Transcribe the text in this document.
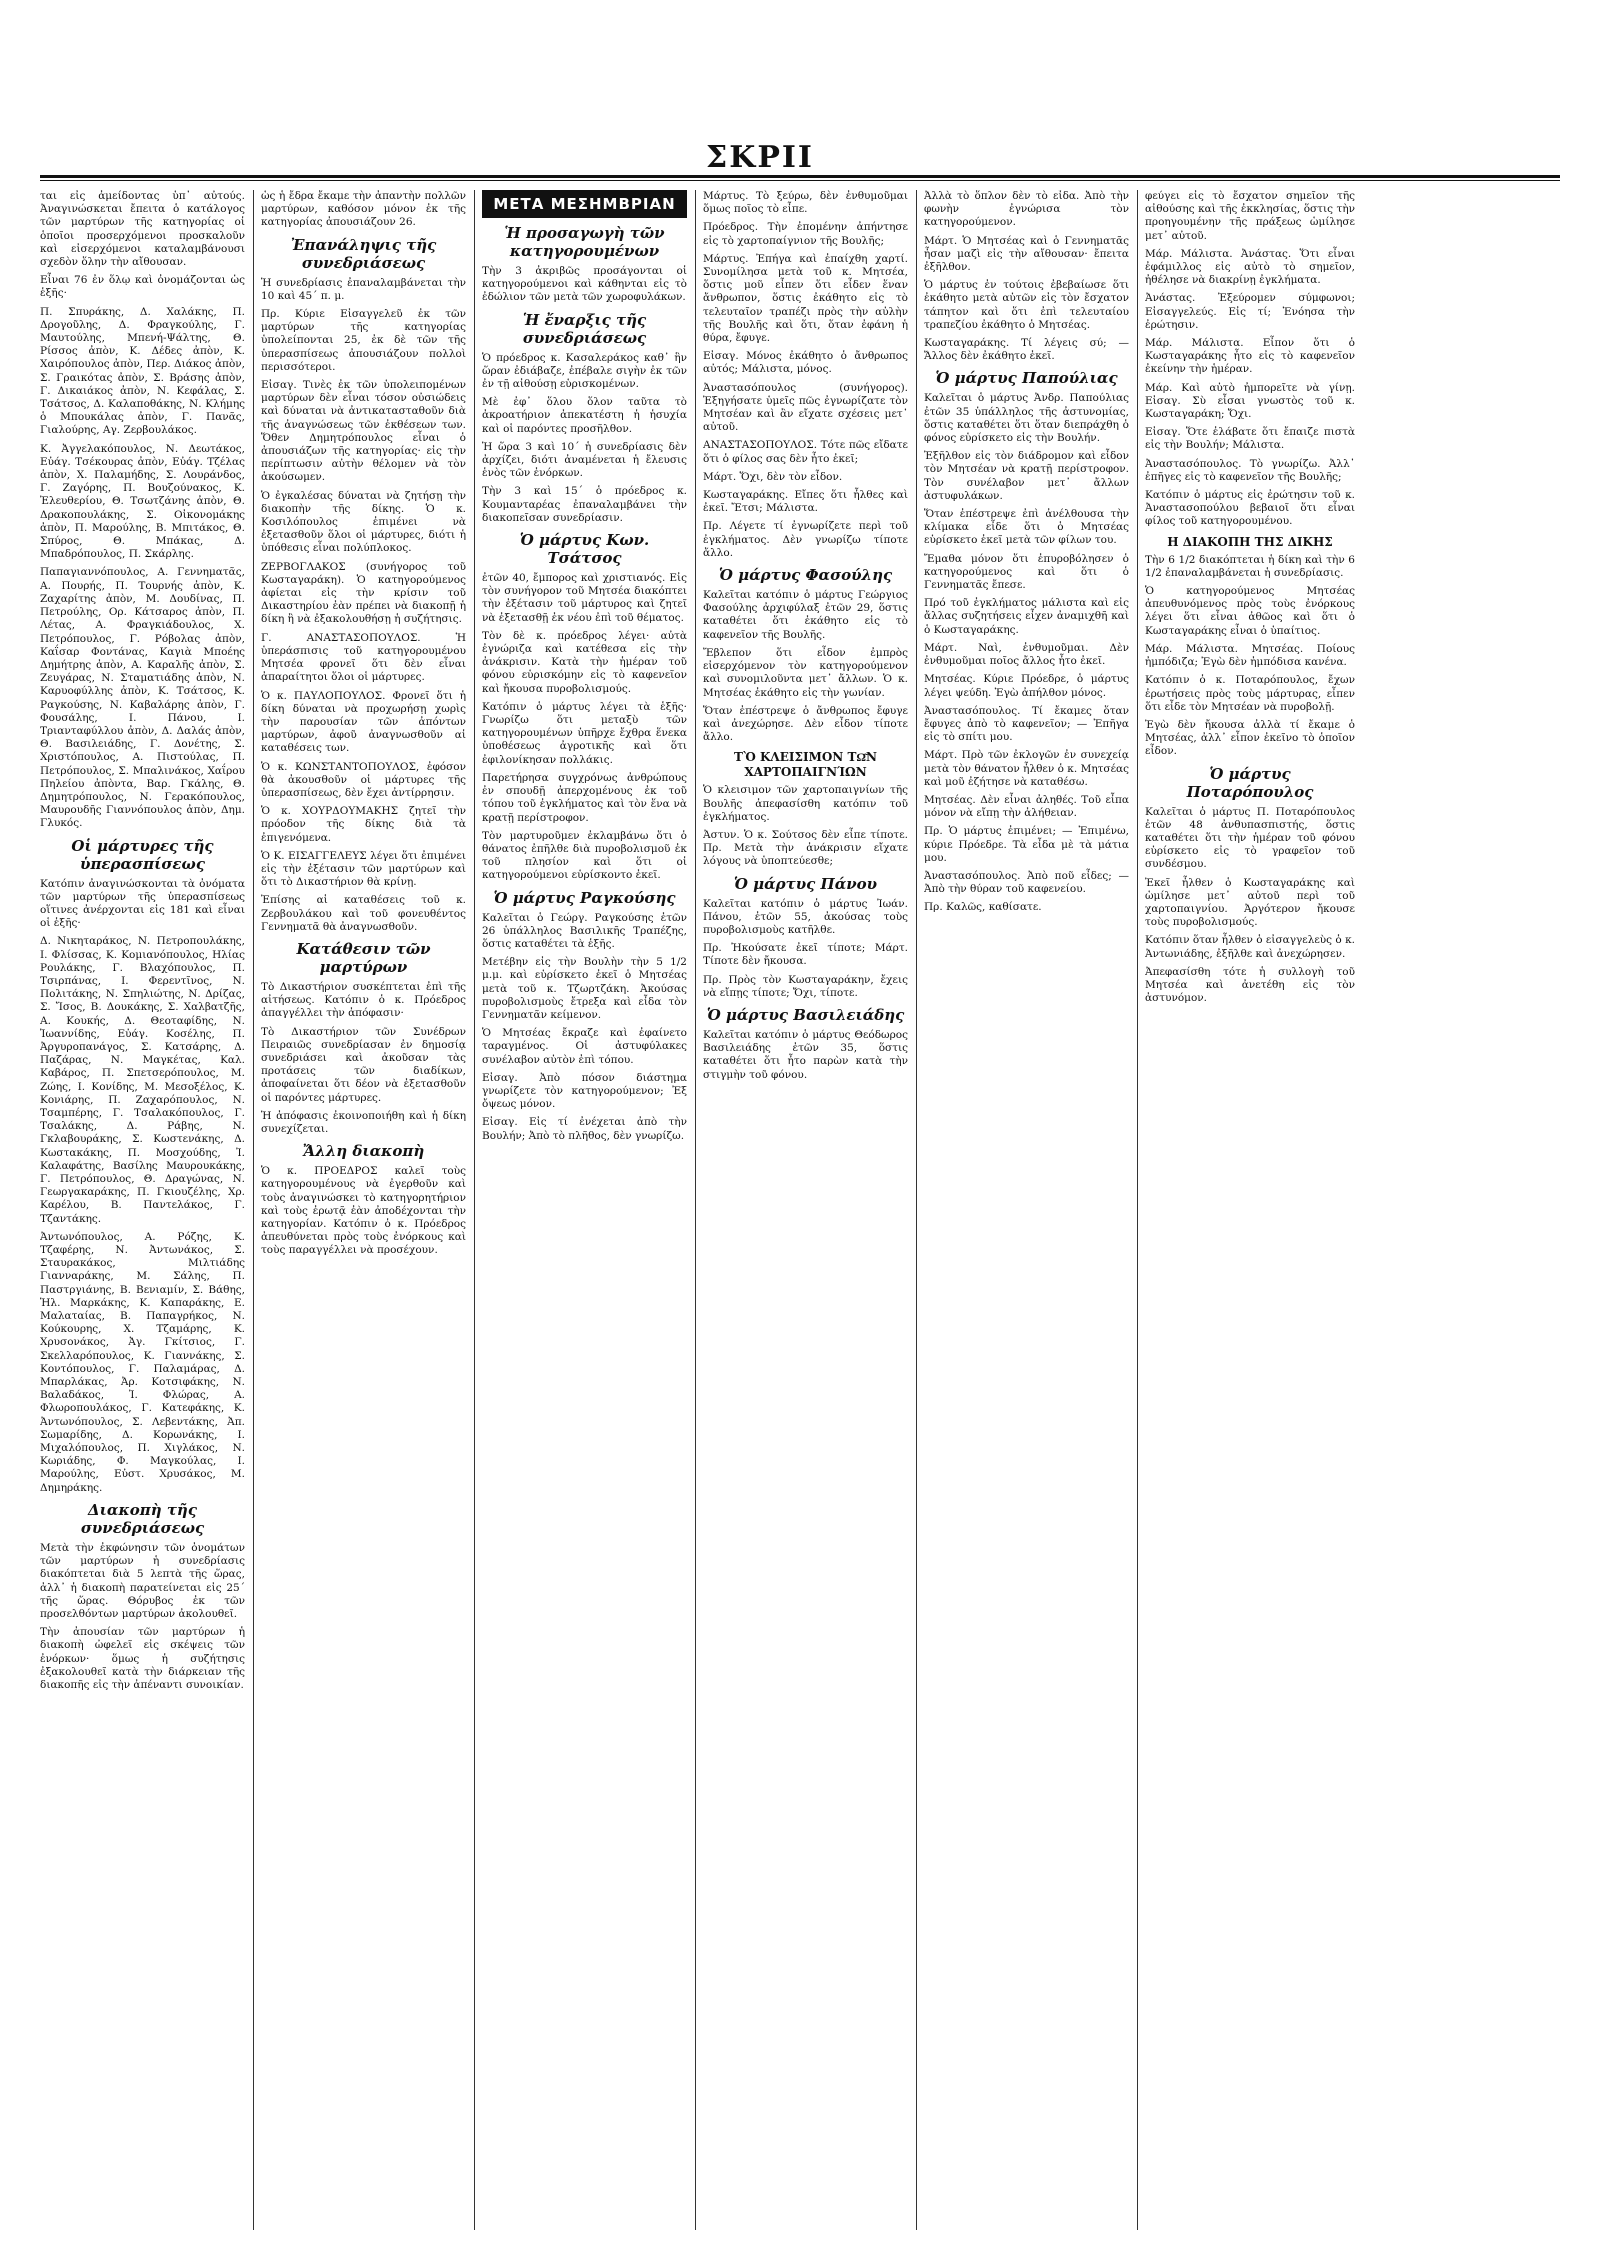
ΣΚΡΙΙ

ται εἰς ἀμείδοντας ὑπ᾿ αὐτούς. Ἀναγινώσκεται ἔπειτα ὁ κατάλογος τῶν μαρτύρων τῆς κατηγορίας οἱ ὁποῖοι προσερχόμενοι προσκαλοῦν καὶ εἰσερχόμενοι καταλαμβάνουσι σχεδὸν ὅλην τὴν αἴθουσαν.

Εἶναι 76 ἐν ὅλῳ καὶ ὀνομάζονται ὡς ἑξῆς·

Π. Σπυράκης, Δ. Χαλάκης, Π. Δρογοῦλης, Δ. Φραγκούλης, Γ. Μαυτούλης, Μπενή-Ψάλτης, Θ. Ρίσσος ἀπὸν, Κ. Δέδες ἀπὸν, Κ. Χαιρόπουλος ἀπὸν, Περ. Διάκος ἀπὸν, Σ. Γραικότας ἀπὸν, Σ. Βράσης ἀπὸν, Γ. Δικαιάκος ἀπὸν, Ν. Κεφάλας, Σ. Τσάτσος, Δ. Καλαποθάκης, Ν. Κλήμης ὁ Μπουκάλας ἀπὸν, Γ. Πανᾶς, Γιαλούρης, Αγ. Ζερβουλάκος.

Κ. Ἀγγελακόπουλος, Ν. Δεωτάκος, Εὐάγ. Τσέκουρας ἀπὸν, Εὐάγ. Τζέλας ἀπὸν, Χ. Παλαμήδης, Σ. Λουράνδος, Γ. Ζαγόρης, Π. Βουζούνακος, Κ. Ἐλευθερίου, Θ. Τσωτζάνης ἀπὸν, Θ. Δρακοπουλάκης, Σ. Οἰκονομάκης ἀπὸν, Π. Μαρούλης, Β. Μπιτάκος, Θ. Σπύρος, Θ. Μπάκας, Δ. Μπαδρόπουλος, Π. Σκάρλης.

Παπαγιαννόπουλος, Α. Γεννηματᾶς, Α. Πουρής, Π. Τουρνής ἀπὸν, Κ. Ζαχαρίτης ἀπὸν, Μ. Δουδίνας, Π. Πετρούλης, Ορ. Κάτσαρος ἀπὸν, Π. Λέτας, Α. Φραγκιάδουλος, Χ. Πετρόπουλος, Γ. Ρόβολας ἀπὸν, Καΐσαρ Φοντάνας, Καγιὰ Μποέης Δημήτρης ἀπὸν, Α. Καραλῆς ἀπὸν, Σ. Ζευγάρας, Ν. Σταματιάδης ἀπὸν, Ν. Καρυοφύλλης ἀπὸν, Κ. Τσάτσος, Κ. Ραγκούσης, Ν. Καβαλάρης ἀπὸν, Γ. Φουσάλης, Ι. Πάνου, Ι. Τριανταφύλλου ἀπὸν, Δ. Δαλάς ἀπὸν, Θ. Βασιλειάδης, Γ. Δονέτης, Σ. Χριστόπουλος, Α. Πιστούλας, Π. Πετρόπουλος, Σ. Μπαλινάκος, Χαΐρου Πηλείου ἀπὸντα, Βαρ. Γκάλης, Θ. Δημητρόπουλος, Ν. Γερακόπουλος, Μαυρουδῆς Γιαννόπουλος ἀπὸν, Δημ. Γλυκός.

Οἱ μάρτυρες τῆς ὑπερασπίσεως

Κατόπιν ἀναγινώσκονται τὰ ὀνόματα τῶν μαρτύρων τῆς ὑπερασπίσεως οἵτινες ἀνέρχονται εἰς 181 καὶ εἶναι οἱ ἑξῆς·

Δ. Νικηταράκος, Ν. Πετροπουλάκης, Ι. Φλίσσας, Κ. Κομιανόπουλος, Ηλίας Ρουλάκης, Γ. Βλαχόπουλος, Π. Τσιρπάνας, Ι. Φερεντῖνος, Ν. Πολιτάκης, Ν. Σπηλιώτης, Ν. Δρίζας, Σ. Ἴσος, Β. Δουκάκης, Σ. Χαλβατζῆς, Α. Κουκής, Δ. Θεοταφίδης, Ν. Ἰωαννίδης, Εὐάγ. Κοσέλης, Π. Ἀργυροπανάγος, Σ. Κατσάρης, Δ. Παζάρας, Ν. Μαγκέτας, Καλ. Καβάρος, Π. Σπετσερόπουλος, Μ. Ζώης, Ι. Κονίδης, Μ. Μεσοξέλος, Κ. Κονιάρης, Π. Ζαχαρόπουλος, Ν. Τσαμπέρης, Γ. Τσαλακόπουλος, Γ. Τσαλάκης, Δ. Ράβης, Ν. Γκλαβουράκης, Σ. Κωστενάκης, Δ. Κωστακάκης, Π. Μοσχούδης, Ἰ. Καλαφάτης, Βασίλης Μαυρουκάκης, Γ. Πετρόπουλος, Θ. Δραγώνας, Ν. Γεωργακαράκης, Π. Γκιουζέλης, Χρ. Καρέλου, Β. Παντελάκος, Γ. Τζαντάκης.

Ἀντωνόπουλος, Α. Ρόζης, Κ. Τζαφέρης, Ν. Ἀντωνάκος, Σ. Σταυρακάκος, Μιλτιάδης Γιανναράκης, Μ. Σάλης, Π. Παστργιάνης, Β. Βενιαμίν, Σ. Βάθης, Ἡλ. Μαρκάκης, Κ. Καπαράκης, Ε. Μαλαταίας, Β. Παπαγρήκος, Ν. Κούκουρης, Χ. Τζαμάρης, Κ. Χρυσονάκος, Ἀγ. Γκίτσιος, Γ. Σκελλαρόπουλος, Κ. Γιαννάκης, Σ. Κοντόπουλος, Γ. Παλαμάρας, Δ. Μπαρλάκας, Ἀρ. Κοτσιφάκης, Ν. Βαλαδάκος, Ἰ. Φλώρας, Α. Φλωροπουλάκος, Γ. Κατεφάκης, Κ. Ἀντωνόπουλος, Σ. Λεβεντάκης, Ἀπ. Σωμαρίδης, Δ. Κορωνάκης, Ι. Μιχαλόπουλος, Π. Χιγλάκος, Ν. Κωριάδης, Φ. Μαγκούλας, Ι. Μαρούλης, Εὐστ. Χρυσάκος, Μ. Δημηράκης.

Διακοπὴ τῆς συνεδριάσεως

Μετὰ τὴν ἐκφώνησιν τῶν ὀνομάτων τῶν μαρτύρων ἡ συνεδρίασις διακόπτεται διὰ 5 λεπτὰ τῆς ὥρας, ἀλλ᾿ ἡ διακοπὴ παρατείνεται εἰς 25΄ τῆς ὥρας. Θόρυβος ἐκ τῶν προσελθόντων μαρτύρων ἀκολουθεῖ.

Τὴν ἀπουσίαν τῶν μαρτύρων ἡ διακοπὴ ὠφελεῖ εἰς σκέψεις τῶν ἐνόρκων· ὅμως ἡ συζήτησις ἐξακολουθεῖ κατὰ τὴν διάρκειαν τῆς διακοπῆς εἰς τὴν ἀπέναντι συνοικίαν.

ὡς ἡ ἔδρα ἔκαμε τὴν ἀπαντὴν πολλῶν μαρτύρων, καθόσον μόνον ἐκ τῆς κατηγορίας ἀπουσιάζουν 26.

Ἐπανάληψις τῆς συνεδριάσεως

Ἡ συνεδρίασις ἐπαναλαμβάνεται τὴν 10 καὶ 45΄ π. μ.

Πρ. Κύριε Εἰσαγγελεῦ ἐκ τῶν μαρτύρων τῆς κατηγορίας ὑπολείπονται 25, ἐκ δὲ τῶν τῆς ὑπερασπίσεως ἀπουσιάζουν πολλοὶ περισσότεροι.

Εἰσαγ. Τινὲς ἐκ τῶν ὑπολειπομένων μαρτύρων δὲν εἶναι τόσον οὐσιώδεις καὶ δύναται νὰ ἀντικατασταθοῦν διὰ τῆς ἀναγνώσεως τῶν ἐκθέσεων των. Ὅθεν Δημητρόπουλος εἶναι ὁ ἀπουσιάζων τῆς κατηγορίας· εἰς τὴν περίπτωσιν αὐτὴν θέλομεν νὰ τὸν ἀκούσωμεν.

Ὁ ἐγκαλέσας δύναται νὰ ζητήσῃ τὴν διακοπὴν τῆς δίκης. Ὁ κ. Κοσιλόπουλος ἐπιμένει νὰ ἐξετασθοῦν ὅλοι οἱ μάρτυρες, διότι ἡ ὑπόθεσις εἶναι πολύπλοκος.

ΖΕΡΒΟΓΛΑΚΟΣ (συνήγορος τοῦ Κωσταγαράκη). Ὁ κατηγορούμενος ἀφίεται εἰς τὴν κρίσιν τοῦ Δικαστηρίου ἐὰν πρέπει νὰ διακοπῇ ἡ δίκη ἢ νὰ ἐξακολουθήσῃ ἡ συζήτησις.

Γ. ΑΝΑΣΤΑΣΟΠΟΥΛΟΣ. Ἡ ὑπεράσπισις τοῦ κατηγορουμένου Μητσέα φρονεῖ ὅτι δὲν εἶναι ἀπαραίτητοι ὅλοι οἱ μάρτυρες.

Ὁ κ. ΠΑΥΛΟΠΟΥΛΟΣ. Φρονεῖ ὅτι ἡ δίκη δύναται νὰ προχωρήσῃ χωρὶς τὴν παρουσίαν τῶν ἀπόντων μαρτύρων, ἀφοῦ ἀναγνωσθοῦν αἱ καταθέσεις των.

Ὁ κ. ΚΩΝΣΤΑΝΤΟΠΟΥΛΟΣ, ἐφόσον θὰ ἀκουσθοῦν οἱ μάρτυρες τῆς ὑπερασπίσεως, δὲν ἔχει ἀντίρρησιν.

Ὁ κ. ΧΟΥΡΔΟΥΜΑΚΗΣ ζητεῖ τὴν πρόοδον τῆς δίκης διὰ τὰ ἐπιγενόμενα.

Ὁ Κ. ΕΙΣΑΓΓΕΛΕΥΣ λέγει ὅτι ἐπιμένει εἰς τὴν ἐξέτασιν τῶν μαρτύρων καὶ ὅτι τὸ Δικαστήριον θὰ κρίνῃ.

Ἐπίσης αἱ καταθέσεις τοῦ κ. Ζερβουλάκου καὶ τοῦ φονευθέντος Γεννηματᾶ θὰ ἀναγνωσθοῦν.

Κατάθεσιν τῶν μαρτύρων

Τὸ Δικαστήριον συσκέπτεται ἐπὶ τῆς αἰτήσεως. Κατόπιν ὁ κ. Πρόεδρος ἀπαγγέλλει τὴν ἀπόφασιν·

Τὸ Δικαστήριον τῶν Συνέδρων Πειραιῶς συνεδρίασαν ἐν δημοσίᾳ συνεδριάσει καὶ ἀκοῦσαν τὰς προτάσεις τῶν διαδίκων, ἀποφαίνεται ὅτι δέον νὰ ἐξετασθοῦν οἱ παρόντες μάρτυρες.

Ἡ ἀπόφασις ἐκοινοποιήθη καὶ ἡ δίκη συνεχίζεται.

Ἄλλη διακοπὴ

Ὁ κ. ΠΡΟΕΔΡΟΣ καλεῖ τοὺς κατηγορουμένους νὰ ἐγερθοῦν καὶ τοὺς ἀναγινώσκει τὸ κατηγορητήριον καὶ τοὺς ἐρωτᾷ ἐὰν ἀποδέχονται τὴν κατηγορίαν. Κατόπιν ὁ κ. Πρόεδρος ἀπευθύνεται πρὸς τοὺς ἐνόρκους καὶ τοὺς παραγγέλλει νὰ προσέχουν.

ΜΕΤΑ ΜΕΣΗΜΒΡΙΑΝ
Ἡ προσαγωγὴ τῶν κατηγορουμένων

Τὴν 3 ἀκριβῶς προσάγονται οἱ κατηγορούμενοι καὶ κάθηνται εἰς τὸ ἐδώλιον τῶν μετὰ τῶν χωροφυλάκων.

Ἡ ἔναρξις τῆς συνεδριάσεως

Ὁ πρόεδρος κ. Κασαλεράκος καθ᾿ ἣν ὥραν ἐδιάβαζε, ἐπέβαλε σιγὴν ἐκ τῶν ἐν τῇ αἰθούσῃ εὑρισκομένων.

Μὲ ἐφ᾿ ὅλου ὅλον ταῦτα τὸ ἀκροατήριον ἀπεκατέστη ἡ ἡσυχία καὶ οἱ παρόντες προσῆλθον.

Ἡ ὥρα 3 καὶ 10΄ ἡ συνεδρίασις δὲν ἀρχίζει, διότι ἀναμένεται ἡ ἔλευσις ἑνὸς τῶν ἐνόρκων.

Τὴν 3 καὶ 15΄ ὁ πρόεδρος κ. Κουμανταρέας ἐπαναλαμβάνει τὴν διακοπεῖσαν συνεδρίασιν.

Ὁ μάρτυς Κων. Τσάτσος

ἐτῶν 40, ἔμπορος καὶ χριστιανός. Εἰς τὸν συνήγορον τοῦ Μητσέα διακόπτει τὴν ἐξέτασιν τοῦ μάρτυρος καὶ ζητεῖ νὰ ἐξετασθῇ ἐκ νέου ἐπὶ τοῦ θέματος.

Τὸν δὲ κ. πρόεδρος λέγει· αὐτὰ ἐγνώριζα καὶ κατέθεσα εἰς τὴν ἀνάκρισιν. Κατὰ τὴν ἡμέραν τοῦ φόνου εὑρισκόμην εἰς τὸ καφενεῖον καὶ ἤκουσα πυροβολισμούς.

Κατόπιν ὁ μάρτυς λέγει τὰ ἑξῆς· Γνωρίζω ὅτι μεταξὺ τῶν κατηγορουμένων ὑπῆρχε ἔχθρα ἕνεκα ὑποθέσεως ἀγροτικῆς καὶ ὅτι ἐφιλονίκησαν πολλάκις.

Παρετήρησα συγχρόνως ἀνθρώπους ἐν σπουδῇ ἀπερχομένους ἐκ τοῦ τόπου τοῦ ἐγκλήματος καὶ τὸν ἕνα νὰ κρατῇ περίστροφον.

Τὸν μαρτυροῦμεν ἐκλαμβάνω ὅτι ὁ θάνατος ἐπῆλθε διὰ πυροβολισμοῦ ἐκ τοῦ πλησίον καὶ ὅτι οἱ κατηγορούμενοι εὑρίσκοντο ἐκεῖ.

Ὁ μάρτυς Ραγκούσης

Καλεῖται ὁ Γεώργ. Ραγκούσης ἐτῶν 26 ὑπάλληλος Βασιλικῆς Τραπέζης, ὅστις καταθέτει τὰ ἑξῆς.

Μετέβην εἰς τὴν Βουλὴν τὴν 5 1/2 μ.μ. καὶ εὑρίσκετο ἐκεῖ ὁ Μητσέας μετὰ τοῦ κ. Τζωρτζάκη. Ἀκούσας πυροβολισμοὺς ἔτρεξα καὶ εἶδα τὸν Γεννηματᾶν κείμενον.

Ὁ Μητσέας ἔκραζε καὶ ἐφαίνετο ταραγμένος. Οἱ ἀστυφύλακες συνέλαβον αὐτὸν ἐπὶ τόπου.

Εἰσαγ. Ἀπὸ πόσον διάστημα γνωρίζετε τὸν κατηγορούμενον; Ἐξ ὄψεως μόνον.

Εἰσαγ. Εἰς τί ἐνέχεται ἀπὸ τὴν Βουλήν; Ἀπὸ τὸ πλῆθος, δὲν γνωρίζω.

Μάρτυς. Τὸ ξεύρω, δὲν ἐνθυμοῦμαι ὅμως ποῖος τὸ εἶπε.

Πρόεδρος. Τὴν ἐπομένην ἀπήντησε εἰς τὸ χαρτοπαίγνιον τῆς Βουλῆς;

Μάρτυς. Ἐπήγα καὶ ἐπαίχθη χαρτί. Συνομίλησα μετὰ τοῦ κ. Μητσέα, ὅστις μοῦ εἶπεν ὅτι εἶδεν ἕναν ἄνθρωπον, ὅστις ἐκάθητο εἰς τὸ τελευταῖον τραπέζι πρὸς τὴν αὐλὴν τῆς Βουλῆς καὶ ὅτι, ὅταν ἐφάνη ἡ θύρα, ἔφυγε.

Εἰσαγ. Μόνος ἐκάθητο ὁ ἄνθρωπος αὐτός; Μάλιστα, μόνος.

Ἀναστασόπουλος (συνήγορος). Ἐξηγήσατε ὑμεῖς πῶς ἐγνωρίζατε τὸν Μητσέαν καὶ ἂν εἴχατε σχέσεις μετ᾿ αὐτοῦ.

ΑΝΑΣΤΑΣΟΠΟΥΛΟΣ. Τότε πῶς εἴδατε ὅτι ὁ φίλος σας δὲν ἦτο ἐκεῖ;

Μάρτ. Ὅχι, δὲν τὸν εἶδον.

Κωσταγαράκης. Εἴπες ὅτι ἦλθες καὶ ἐκεῖ. Ἔτσι; Μάλιστα.

Πρ. Λέγετε τί ἐγνωρίζετε περὶ τοῦ ἐγκλήματος. Δὲν γνωρίζω τίποτε ἄλλο.

Ὁ μάρτυς Φασούλης

Καλεῖται κατόπιν ὁ μάρτυς Γεώργιος Φασούλης ἀρχιφύλαξ ἐτῶν 29, ὅστις καταθέτει ὅτι ἐκάθητο εἰς τὸ καφενεῖον τῆς Βουλῆς.

Ἔβλεπον ὅτι εἶδον ἐμπρὸς εἰσερχόμενον τὸν κατηγορούμενον καὶ συνομιλοῦντα μετ᾿ ἄλλων. Ὁ κ. Μητσέας ἐκάθητο εἰς τὴν γωνίαν.

Ὅταν ἐπέστρεψε ὁ ἄνθρωπος ἔφυγε καὶ ἀνεχώρησε. Δὲν εἶδον τίποτε ἄλλο.

ΤῸ ΚΛΕΙΣΙΜΟΝ ΤΩ͂Ν ΧΑΡΤΟΠΑΙΓΝΊΩΝ

Ὁ κλεισιμον τῶν χαρτοπαιγνίων τῆς Βουλῆς ἀπεφασίσθη κατόπιν τοῦ ἐγκλήματος.

Ἀστυν. Ὁ κ. Σούτσος δὲν εἶπε τίποτε. Πρ. Μετὰ τὴν ἀνάκρισιν εἴχατε λόγους νὰ ὑποπτεύεσθε;

Ὁ μάρτυς Πάνου

Καλεῖται κατόπιν ὁ μάρτυς Ἰωάν. Πάνου, ἐτῶν 55, ἀκούσας τοὺς πυροβολισμοὺς κατῆλθε.

Πρ. Ἠκούσατε ἐκεῖ τίποτε; Μάρτ. Τίποτε δὲν ἤκουσα.

Πρ. Πρὸς τὸν Κωσταγαράκην, ἔχεις νὰ εἴπῃς τίποτε; Ὄχι, τίποτε.

Ὁ μάρτυς Βασιλειάδης

Καλεῖται κατόπιν ὁ μάρτυς Θεόδωρος Βασιλειάδης ἐτῶν 35, ὅστις καταθέτει ὅτι ἦτο παρὼν κατὰ τὴν στιγμὴν τοῦ φόνου.

Ἀλλὰ τὸ ὅπλον δὲν τὸ εἶδα. Ἀπὸ τὴν φωνὴν ἐγνώρισα τὸν κατηγορούμενον.

Μάρτ. Ὁ Μητσέας καὶ ὁ Γεννηματᾶς ἦσαν μαζὶ εἰς τὴν αἴθουσαν· ἔπειτα ἐξῆλθον.

Ὁ μάρτυς ἐν τούτοις ἐβεβαίωσε ὅτι ἐκάθητο μετὰ αὐτῶν εἰς τὸν ἔσχατον τάπητον καὶ ὅτι ἐπὶ τελευταίου τραπεζίου ἐκάθητο ὁ Μητσέας.

Κωσταγαράκης. Τί λέγεις σύ; — Ἄλλος δὲν ἐκάθητο ἐκεῖ.

Ὁ μάρτυς Παπούλιας

Καλεῖται ὁ μάρτυς Ἀνδρ. Παπούλιας ἐτῶν 35 ὑπάλληλος τῆς ἀστυνομίας, ὅστις καταθέτει ὅτι ὅταν διεπράχθη ὁ φόνος εὑρίσκετο εἰς τὴν Βουλήν.

Ἐξῆλθον εἰς τὸν διάδρομον καὶ εἶδον τὸν Μητσέαν νὰ κρατῇ περίστροφον. Τὸν συνέλαβον μετ᾿ ἄλλων ἀστυφυλάκων.

Ὅταν ἐπέστρεψε ἐπὶ ἀνέλθουσα τὴν κλίμακα εἶδε ὅτι ὁ Μητσέας εὑρίσκετο ἐκεῖ μετὰ τῶν φίλων του.

Ἔμαθα μόνον ὅτι ἐπυροβόλησεν ὁ κατηγορούμενος καὶ ὅτι ὁ Γεννηματᾶς ἔπεσε.

Πρό τοῦ ἐγκλήματος μάλιστα καὶ εἰς ἄλλας συζητήσεις εἶχεν ἀναμιχθῆ καὶ ὁ Κωσταγαράκης.

Μάρτ. Ναὶ, ἐνθυμοῦμαι. Δὲν ἐνθυμοῦμαι ποῖος ἄλλος ἦτο ἐκεῖ.

Μητσέας. Κύριε Πρόεδρε, ὁ μάρτυς λέγει ψεύδη. Ἐγὼ ἀπήλθον μόνος.

Ἀναστασόπουλος. Τί ἔκαμες ὅταν ἔφυγες ἀπὸ τὸ καφενεῖον; — Ἐπῆγα εἰς τὸ σπίτι μου.

Μάρτ. Πρὸ τῶν ἐκλογῶν ἐν συνεχείᾳ μετὰ τὸν θάνατον ἦλθεν ὁ κ. Μητσέας καὶ μοῦ ἐζήτησε νὰ καταθέσω.

Μητσέας. Δὲν εἶναι ἀληθές. Τοῦ εἶπα μόνον νὰ εἴπῃ τὴν ἀλήθειαν.

Πρ. Ὁ μάρτυς ἐπιμένει; — Ἐπιμένω, κύριε Πρόεδρε. Τὰ εἶδα μὲ τὰ μάτια μου.

Ἀναστασόπουλος. Ἀπὸ ποῦ εἶδες; — Ἀπὸ τὴν θύραν τοῦ καφενείου.

Πρ. Καλῶς, καθίσατε.

φεύγει εἰς τὸ ἔσχατον σημεῖον τῆς αἰθούσης καὶ τῆς ἐκκλησίας, ὅστις τὴν προηγουμένην τῆς πράξεως ὡμίλησε μετ᾿ αὐτοῦ.

Μάρ. Μάλιστα. Ἀνάστας. Ὅτι εἶναι ἐφάμιλλος εἰς αὐτὸ τὸ σημεῖον, ἠθέλησε νὰ διακρίνῃ ἐγκλήματα.

Ἀνάστας. Ἐξεύρομεν σύμφωνοι; Εἰσαγγελεύς. Εἰς τί; Ἐνόησα τὴν ἐρώτησιν.

Μάρ. Μάλιστα. Εἶπον ὅτι ὁ Κωσταγαράκης ἦτο εἰς τὸ καφενεῖον ἐκείνην τὴν ἡμέραν.

Μάρ. Καὶ αὐτὸ ἠμπορεῖτε νὰ γίνῃ. Εἰσαγ. Σὺ εἶσαι γνωστὸς τοῦ κ. Κωσταγαράκη; Ὄχι.

Εἰσαγ. Ὅτε ἐλάβατε ὅτι ἔπαιζε πιστὰ εἰς τὴν Βουλήν; Μάλιστα.

Ἀναστασόπουλος. Τὸ γνωρίζω. Ἀλλ᾿ ἐπῆγες εἰς τὸ καφενεῖον τῆς Βουλῆς;

Κατόπιν ὁ μάρτυς εἰς ἐρώτησιν τοῦ κ. Ἀναστασοπούλου βεβαιοῖ ὅτι εἶναι φίλος τοῦ κατηγορουμένου.

Η ΔΙΑΚΟΠΗ ΤΗΣ ΔΙΚΗΣ

Τὴν 6 1/2 διακόπτεται ἡ δίκη καὶ τὴν 6 1/2 ἐπαναλαμβάνεται ἡ συνεδρίασις.

Ὁ κατηγορούμενος Μητσέας ἀπευθυνόμενος πρὸς τοὺς ἐνόρκους λέγει ὅτι εἶναι ἀθῶος καὶ ὅτι ὁ Κωσταγαράκης εἶναι ὁ ὑπαίτιος.

Μάρ. Μάλιστα. Μητσέας. Ποίους ἠμπόδιζα; Ἐγὼ δὲν ἠμπόδισα κανένα.

Κατόπιν ὁ κ. Ποταρόπουλος, ἔχων ἐρωτήσεις πρὸς τοὺς μάρτυρας, εἶπεν ὅτι εἶδε τὸν Μητσέαν νὰ πυροβολῇ.

Ἐγὼ δὲν ἤκουσα ἀλλὰ τί ἔκαμε ὁ Μητσέας, ἀλλ᾿ εἶπον ἐκεῖνο τὸ ὁποῖον εἶδον.

Ὁ μάρτυς Ποταρόπουλος

Καλεῖται ὁ μάρτυς Π. Ποταρόπουλος ἐτῶν 48 ἀνθυπασπιστής, ὅστις καταθέτει ὅτι τὴν ἡμέραν τοῦ φόνου εὑρίσκετο εἰς τὸ γραφεῖον τοῦ συνδέσμου.

Ἐκεῖ ἦλθεν ὁ Κωσταγαράκης καὶ ὡμίλησε μετ᾿ αὐτοῦ περὶ τοῦ χαρτοπαιγνίου. Ἀργότερον ἤκουσε τοὺς πυροβολισμούς.

Κατόπιν ὅταν ἦλθεν ὁ εἰσαγγελεὺς ὁ κ. Ἀντωνιάδης, ἐξῆλθε καὶ ἀνεχώρησεν.

Ἀπεφασίσθη τότε ἡ συλλογὴ τοῦ Μητσέα καὶ ἀνετέθη εἰς τὸν ἀστυνόμον.
